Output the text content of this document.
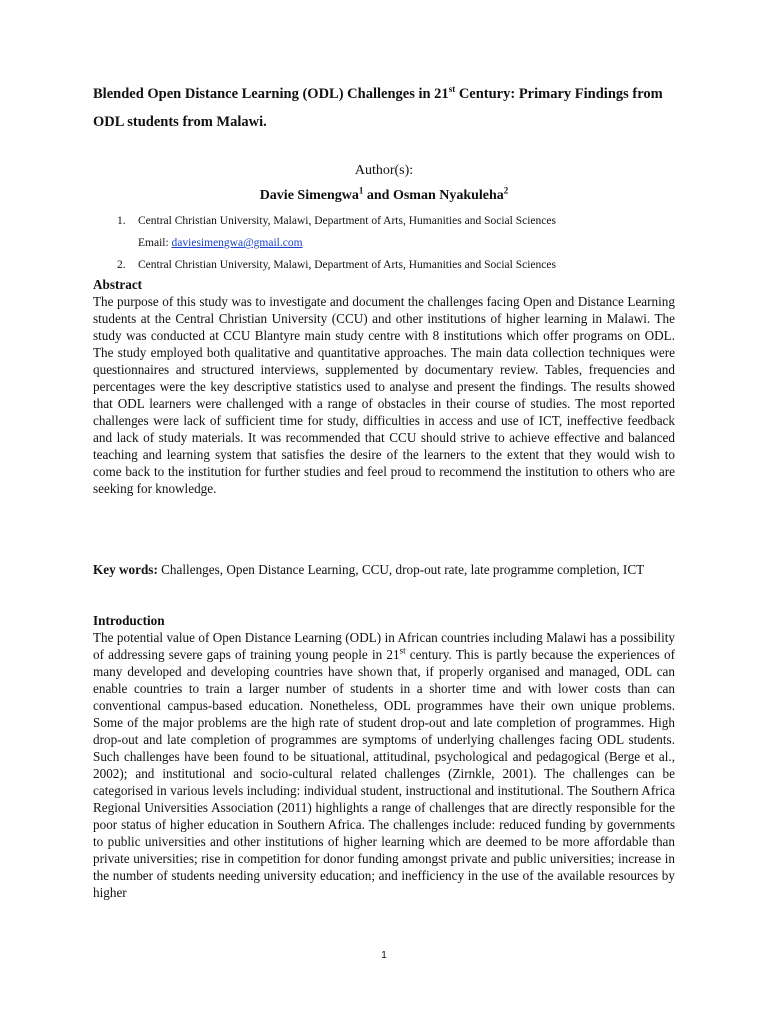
Blended Open Distance Learning (ODL) Challenges in 21st Century: Primary Findings from ODL students from Malawi.
Author(s):
Davie Simengwa$^1$ and Osman Nyakuleha$^2$
1.	Central Christian University, Malawi, Department of Arts, Humanities and Social Sciences
Email: daviesimengwa@gmail.com
2.	Central Christian University, Malawi, Department of Arts, Humanities and Social Sciences

Abstract

The purpose of this study was to investigate and document the challenges facing Open and Distance Learning students at the Central Christian University (CCU) and other institutions of higher learning in Malawi. The study was conducted at CCU Blantyre main study centre with 8 institutions which offer programs on ODL. The study employed both qualitative and quantitative approaches. The main data collection techniques were questionnaires and structured interviews, supplemented by documentary review. Tables, frequencies and percentages were the key descriptive statistics used to analyse and present the findings. The results showed that ODL learners were challenged with a range of obstacles in their course of studies. The most reported challenges were lack of sufficient time for study, difficulties in access and use of ICT, ineffective feedback and lack of study materials. It was recommended that CCU should strive to achieve effective and balanced teaching and learning system that satisfies the desire of the learners to the extent that they would wish to come back to the institution for further studies and feel proud to recommend the institution to others who are seeking for knowledge.

Key words: Challenges, Open Distance Learning, CCU, drop-out rate, late programme completion, ICT

Introduction

The potential value of Open Distance Learning (ODL) in African countries including Malawi has a possibility of addressing severe gaps of training young people in 21st century. This is partly because the experiences of many developed and developing countries have shown that, if properly organised and managed, ODL can enable countries to train a larger number of students in a shorter time and with lower costs than can conventional campus-based education. Nonetheless, ODL programmes have their own unique problems. Some of the major problems are the high rate of student drop-out and late completion of programmes. High drop-out and late completion of programmes are symptoms of underlying challenges facing ODL students. Such challenges have been found to be situational, attitudinal, psychological and pedagogical (Berge et al., 2002); and institutional and socio-cultural related challenges (Zirnkle, 2001). The challenges can be categorised in various levels including: individual student, instructional and institutional. The Southern Africa Regional Universities Association (2011) highlights a range of challenges that are directly responsible for the poor status of higher education in Southern Africa. The challenges include: reduced funding by governments to public universities and other institutions of higher learning which are deemed to be more affordable than private universities; rise in competition for donor funding amongst private and public universities; increase in the number of students needing university education; and inefficiency in the use of the available resources by higher

1
